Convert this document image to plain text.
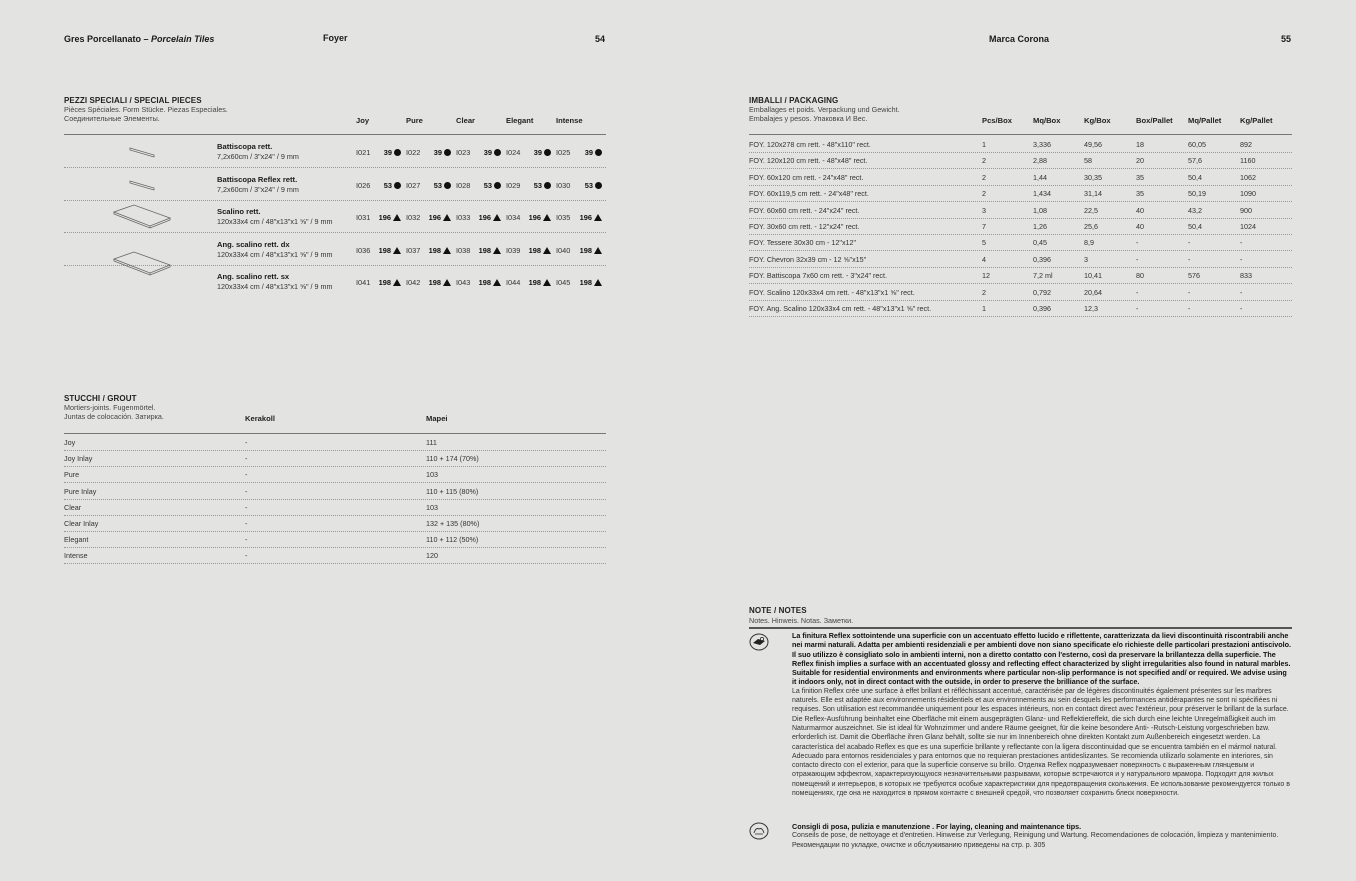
Gres Porcellanato – Porcelain Tiles	Foyer	54	Marca Corona	55
PEZZI SPECIALI / SPECIAL PIECES
Pièces Spéciales. Form Stücke. Piezas Especiales.
Соединительные Элементы.	Joy	Pure	Clear	Elegant	Intense
Battiscopa rett.
7,2x60cm / 3"x24" / 9 mm	I021 39	I022 39	I023 39	I024 39	I025 39
Battiscopa Reflex rett.
7,2x60cm / 3"x24" / 9 mm	I026 53	I027 53	I028 53	I029 53	I030 53
Scalino rett.
120x33x4 cm / 48"x13"x1 ⅝" / 9 mm	I031 196	I032 196	I033 196	I034 196	I035 196
Ang. scalino rett. dx
120x33x4 cm / 48"x13"x1 ⅝" / 9 mm	I036 198	I037 198	I038 198	I039 198	I040 198
Ang. scalino rett. sx
120x33x4 cm / 48"x13"x1 ⅝" / 9 mm	I041 198	I042 198	I043 198	I044 198	I045 198
STUCCHI / GROUT
Mortiers-joints. Fugenmörtel.
Juntas de colocación. Затирка.	Kerakoll	Mapei
Joy	-	111
Joy Inlay	-	110 + 174 (70%)
Pure	-	103
Pure Inlay	-	110 + 115 (80%)
Clear	-	103
Clear Inlay	-	132 + 135 (80%)
Elegant	-	110 + 112 (50%)
Intense	-	120
IMBALLI / PACKAGING
Emballages et poids. Verpackung und Gewicht.
Embalajes y pesos. Упаковка И Вес.	Pcs/Box	Mq/Box	Kg/Box	Box/Pallet Mq/Pallet Kg/Pallet
FOY. 120x278 cm rett. - 48"x110" rect.	1	3,336	49,56	18	60,05	892
FOY. 120x120 cm rett. - 48"x48" rect.	2	2,88	58	20	57,6	1160
FOY. 60x120 cm rett. - 24"x48" rect.	2	1,44	30,35	35	50,4	1062
FOY. 60x119,5 cm rett. - 24"x48" rect.	2	1,434	31,14	35	50,19	1090
FOY. 60x60 cm rett. - 24"x24" rect.	3	1,08	22,5	40	43,2	900
FOY. 30x60 cm rett. - 12"x24" rect.	7	1,26	25,6	40	50,4	1024
FOY. Tessere 30x30 cm - 12"x12"	5	0,45	8,9	-	-	-
FOY. Chevron 32x39 cm - 12 ⅝"x15"	4	0,396	3	-	-	-
FOY. Battiscopa 7x60 cm rett. - 3"x24" rect.	12	7,2 ml	10,41	80	576	833
FOY. Scalino 120x33x4 cm rett. - 48"x13"x1 ⅝" rect.	2	0,792	20,64	-	-	-
FOY. Ang. Scalino 120x33x4 cm rett. - 48"x13"x1 ⅝" rect.	1	0,396	12,3	-	-	-
NOTE / NOTES
Notes. Hinweis. Notas. Заметки.
La finitura Reflex sottointende una superficie con un accentuato effetto lucido e riflettente, caratterizzata da lievi discontinuità riscontrabili anche nei marmi naturali. Adatta per ambienti residenziali e per ambienti dove non siano specificate e/o richieste delle particolari prestazioni antiscivolo. Il suo utilizzo è consigliato solo in ambienti interni, non a diretto contatto con l'esterno, così da preservare la brillantezza della superficie. The Reflex finish implies a surface with an accentuated glossy and reflecting effect characterized by slight irregularities also found in natural marbles. Suitable for residential environments and environments where particular non-slip performance is not specified and/ or required. We advise using it indoors only, not in direct contact with the outside, in order to preserve the brilliance of the surface.
La finition Reflex crée une surface à effet brillant et réfléchissant accentué, caractérisée par de légères discontinuités également présentes sur les marbres naturels. Elle est adaptée aux environnements résidentiels et aux environnements au sein desquels les performances antidérapantes ne sont ni spécifiées ni requises. Son utilisation est recommandée uniquement pour les espaces intérieurs, non en contact direct avec l'extérieur, pour préserver le brillant de la surface. Die Reflex-Ausführung beinhaltet eine Oberfläche mit einem ausgeprägten Glanz- und Reflektiereffekt, die sich durch eine leichte Unregelmäßigkeit auch im Naturmarmor auszeichnet. Sie ist ideal für Wohnzimmer und andere Räume geeignet, für die keine besondere Anti- -Rutsch-Leistung vorgeschrieben bzw. erforderlich ist. Damit die Oberfläche ihren Glanz behält, sollte sie nur im Innenbereich ohne direkten Kontakt zum Außenbereich eingesetzt werden. La característica del acabado Reflex es que es una superficie brillante y reflectante con la ligera discontinuidad que se encuentra también en el mármol natural. Adecuado para entornos residenciales y para entornos que no requieran prestaciones antideslizantes. Se recomienda utilizarlo solamente en interiores, sin contacto directo con el exterior, para que la superficie conserve su brillo. Отделка Reflex подразумевает поверхность с выраженным глянцевым и отражающим эффектом, характеризующуюся незначительными разрывами, которые встречаются и у натурального мрамора. Подходит для жилых помещений и интерьеров, в которых не требуются особые характеристики для предотвращения скольжения. Ее использование рекомендуется только в помещениях, где она не находится в прямом контакте с внешней средой, что позволяет сохранить блеск поверхности.
Consigli di posa, pulizia e manutenzione . For laying, cleaning and maintenance tips.
Conseils de pose, de nettoyage et d'entretien. Hinweise zur Verlegung, Reinigung und Wartung. Recomendaciones de colocación, limpieza y mantenimiento. Рекомендации по укладке, очистке и обслуживанию приведены на стр. р. 305
